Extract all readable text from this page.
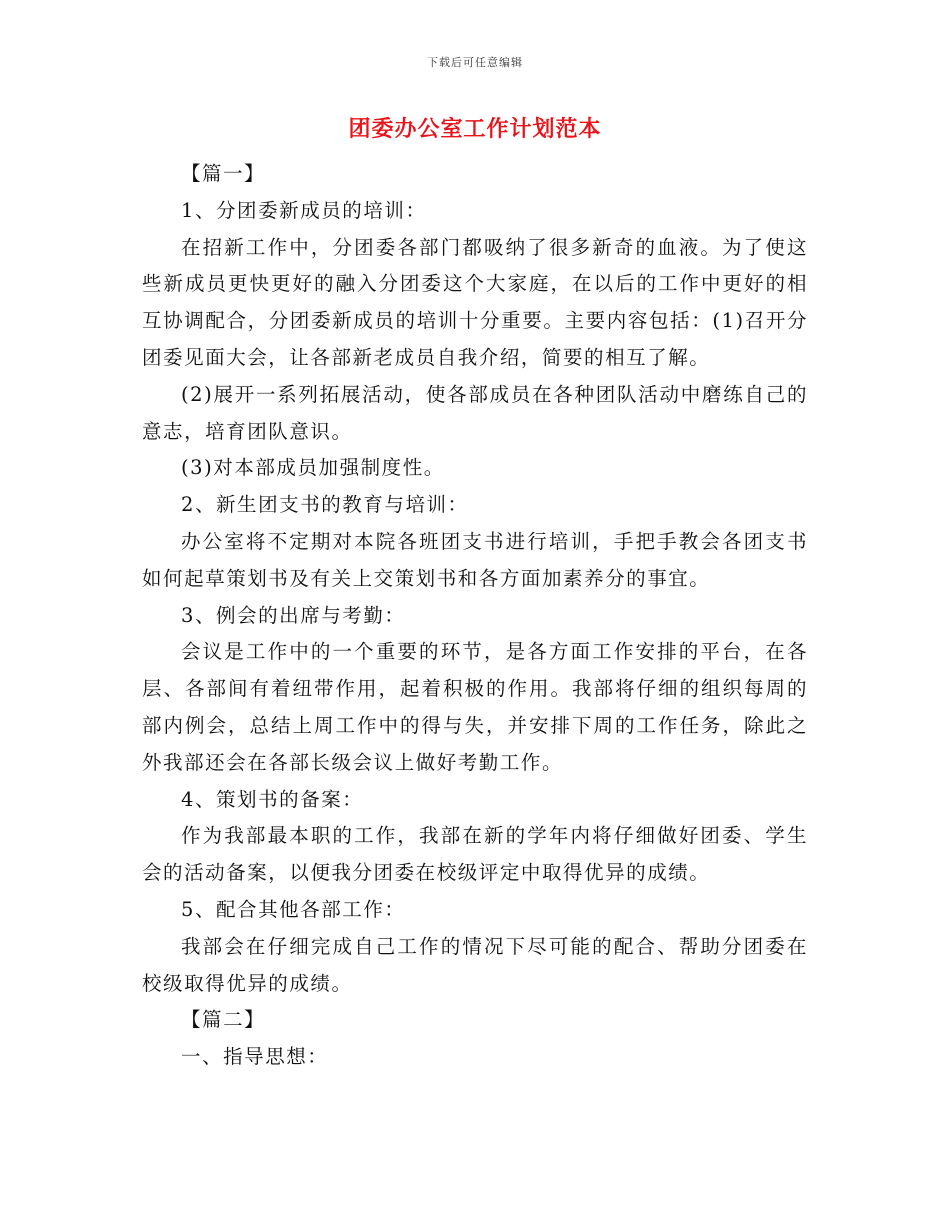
下载后可任意编辑
团委办公室工作计划范本

【篇一】

1、分团委新成员的培训：

在招新工作中，分团委各部门都吸纳了很多新奇的血液。为了使这些新成员更快更好的融入分团委这个大家庭，在以后的工作中更好的相互协调配合，分团委新成员的培训十分重要。主要内容包括：(1)召开分团委见面大会，让各部新老成员自我介绍，简要的相互了解。

(2)展开一系列拓展活动，使各部成员在各种团队活动中磨练自己的意志，培育团队意识。

(3)对本部成员加强制度性。

2、新生团支书的教育与培训：

办公室将不定期对本院各班团支书进行培训，手把手教会各团支书如何起草策划书及有关上交策划书和各方面加素养分的事宜。

3、例会的出席与考勤：

会议是工作中的一个重要的环节，是各方面工作安排的平台，在各层、各部间有着纽带作用，起着积极的作用。我部将仔细的组织每周的部内例会，总结上周工作中的得与失，并安排下周的工作任务，除此之外我部还会在各部长级会议上做好考勤工作。

4、策划书的备案：

作为我部最本职的工作，我部在新的学年内将仔细做好团委、学生会的活动备案，以便我分团委在校级评定中取得优异的成绩。

5、配合其他各部工作：

我部会在仔细完成自己工作的情况下尽可能的配合、帮助分团委在校级取得优异的成绩。

【篇二】

一、指导思想：
